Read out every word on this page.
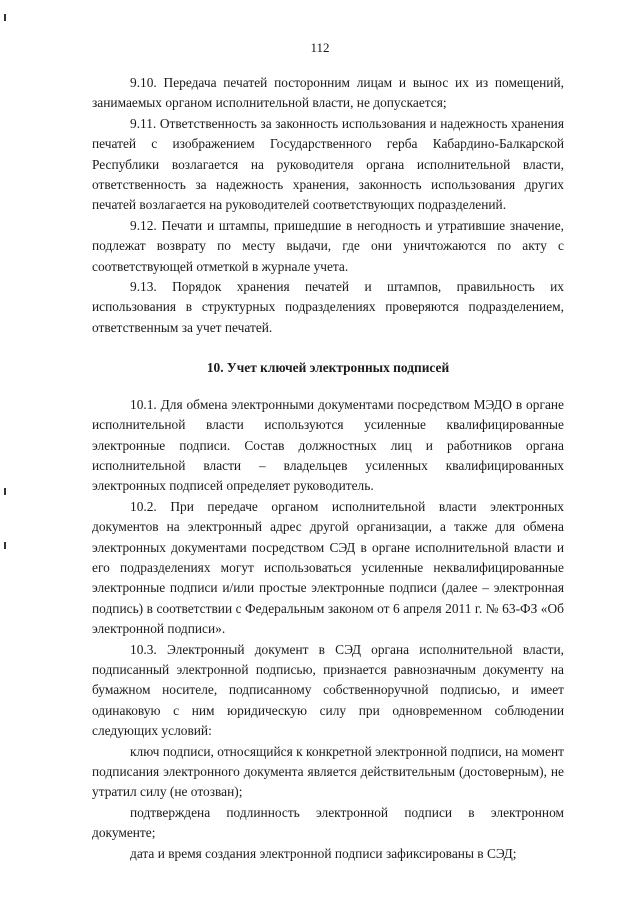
112

9.10. Передача печатей посторонним лицам и вынос их из помещений, занимаемых органом исполнительной власти, не допускается;

9.11. Ответственность за законность использования и надежность хранения печатей с изображением Государственного герба Кабардино-Балкарской Республики возлагается на руководителя органа исполнительной власти, ответственность за надежность хранения, законность использования других печатей возлагается на руководителей соответствующих подразделений.

9.12. Печати и штампы, пришедшие в негодность и утратившие значение, подлежат возврату по месту выдачи, где они уничтожаются по акту с соответствующей отметкой в журнале учета.

9.13. Порядок хранения печатей и штампов, правильность их использования в структурных подразделениях проверяются подразделением, ответственным за учет печатей.

10. Учет ключей электронных подписей

10.1. Для обмена электронными документами посредством МЭДО в органе исполнительной власти используются усиленные квалифицированные электронные подписи. Состав должностных лиц и работников органа исполнительной власти – владельцев усиленных квалифицированных электронных подписей определяет руководитель.

10.2. При передаче органом исполнительной власти электронных документов на электронный адрес другой организации, а также для обмена электронных документами посредством СЭД в органе исполнительной власти и его подразделениях могут использоваться усиленные неквалифицированные электронные подписи и/или простые электронные подписи (далее – электронная подпись) в соответствии с Федеральным законом от 6 апреля 2011 г. № 63-ФЗ «Об электронной подписи».

10.3. Электронный документ в СЭД органа исполнительной власти, подписанный электронной подписью, признается равнозначным документу на бумажном носителе, подписанному собственноручной подписью, и имеет одинаковую с ним юридическую силу при одновременном соблюдении следующих условий:

ключ подписи, относящийся к конкретной электронной подписи, на момент подписания электронного документа является действительным (достоверным), не утратил силу (не отозван);

подтверждена подлинность электронной подписи в электронном документе;

дата и время создания электронной подписи зафиксированы в СЭД;
